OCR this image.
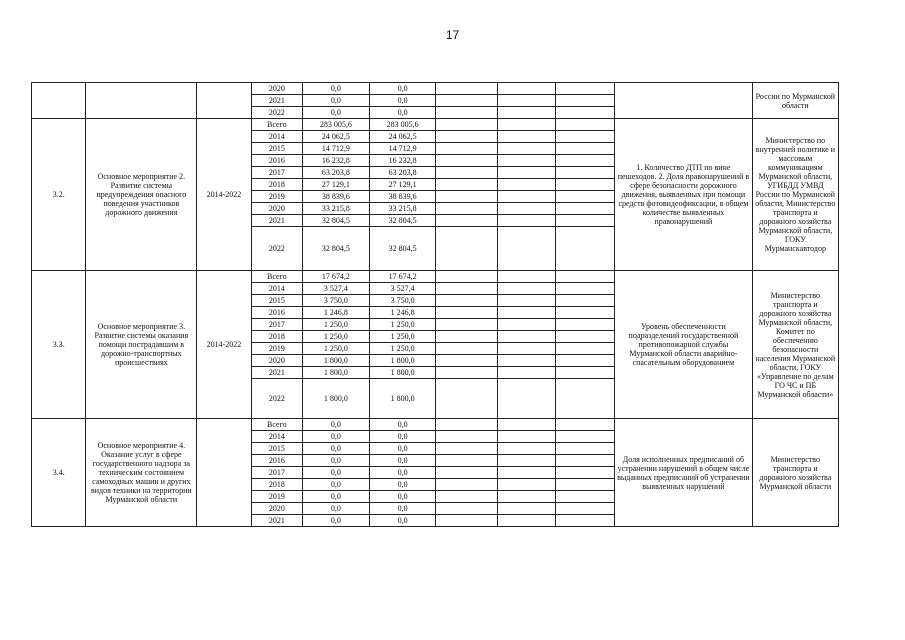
17
			2020	0,0	0,0					России по Мурманской области
			2021	0,0	0,0					
			2022	0,0	0,0					
3.2.	Основное мероприятие 2. Развитие системы предупреждения опасного поведения участников дорожного движения	2014-2022	Всего	283 005,6	283 005,6				1. Количество ДТП по вине пешеходов. 2. Доля правонарушений в сфере безопасности дорожного движения, выявленных при помощи средств фотовидеофиксации, в общем количестве выявленных правонарушений	Министерство по внутренней политике и массовым коммуникациям Мурманской области, УГИБДД УМВД России по Мурманской области, Министерство транспорта и дорожного хозяйства Мурманской области, ГОКУ Мурманскавтодор
			2014	24 062,5	24 062,5					
			2015	14 712,9	14 712,9					
			2016	16 232,8	16 232,8					
			2017	63 203,8	63 203,8					
			2018	27 129,1	27 129,1					
			2019	38 839,6	38 839,6					
			2020	33 215,8	33 215,8					
			2021	32 804,5	32 804,5					
			2022	32 804,5	32 804,5					
3.3.	Основное мероприятие 3. Развитие системы оказания помощи пострадавшим в дорожно-транспортных происшествиях	2014-2022	Всего	17 674,2	17 674,2				Уровень обеспеченности подразделений государственной противопожарной службы Мурманской области аварийно-спасательным оборудованием	Министерство транспорта и дорожного хозяйства Мурманской области, Комитет по обеспечению безопасности населения Мурманской области, ГОКУ «Управление по делам ГО ЧС и ПБ Мурманской области»
			2014	3 527,4	3 527,4					
			2015	3 750,0	3 750,0					
			2016	1 246,8	1 246,8					
			2017	1 250,0	1 250,0					
			2018	1 250,0	1 250,0					
			2019	1 250,0	1 250,0					
			2020	1 800,0	1 800,0					
			2021	1 800,0	1 800,0					
			2022	1 800,0	1 800,0					
3.4.	Основное мероприятие 4. Оказание услуг в сфере государственного надзора за техническим состоянием самоходных машин и других видов техники на территории Мурманской области		Всего	0,0	0,0				Доля исполненных предписаний об устранении нарушений в общем числе выданных предписаний об устранении выявленных нарушений	Министерство транспорта и дорожного хозяйства Мурманской области
			2014	0,0	0,0					
			2015	0,0	0,0					
			2016	0,0	0,0					
			2017	0,0	0,0					
			2018	0,0	0,0					
			2019	0,0	0,0					
			2020	0,0	0,0					
			2021	0,0	0,0					
